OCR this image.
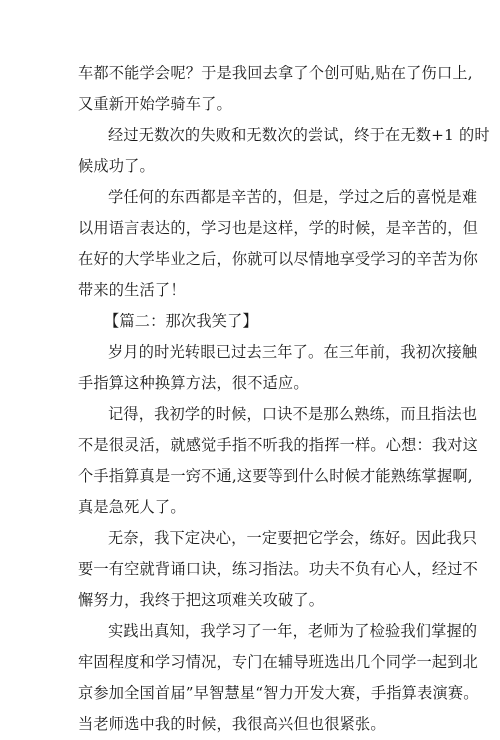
车都不能学会呢？于是我回去拿了个创可贴,贴在了伤口上,
又重新开始学骑车了。
经过无数次的失败和无数次的尝试，终于在无数+1 的时
候成功了。
学任何的东西都是辛苦的，但是，学过之后的喜悦是难
以用语言表达的，学习也是这样，学的时候，是辛苦的，但
在好的大学毕业之后，你就可以尽情地享受学习的辛苦为你
带来的生活了！
【篇二：那次我笑了】
岁月的时光转眼已过去三年了。在三年前，我初次接触
手指算这种换算方法，很不适应。
记得，我初学的时候，口诀不是那么熟练，而且指法也
不是很灵活，就感觉手指不听我的指挥一样。心想：我对这
个手指算真是一窍不通,这要等到什么时候才能熟练掌握啊,
真是急死人了。
无奈，我下定决心，一定要把它学会，练好。因此我只
要一有空就背诵口诀，练习指法。功夫不负有心人，经过不
懈努力，我终于把这项难关攻破了。
实践出真知，我学习了一年，老师为了检验我们掌握的
牢固程度和学习情况，专门在辅导班选出几个同学一起到北
京参加全国首届”早智慧星“智力开发大赛，手指算表演赛。
当老师选中我的时候，我很高兴但也很紧张。
